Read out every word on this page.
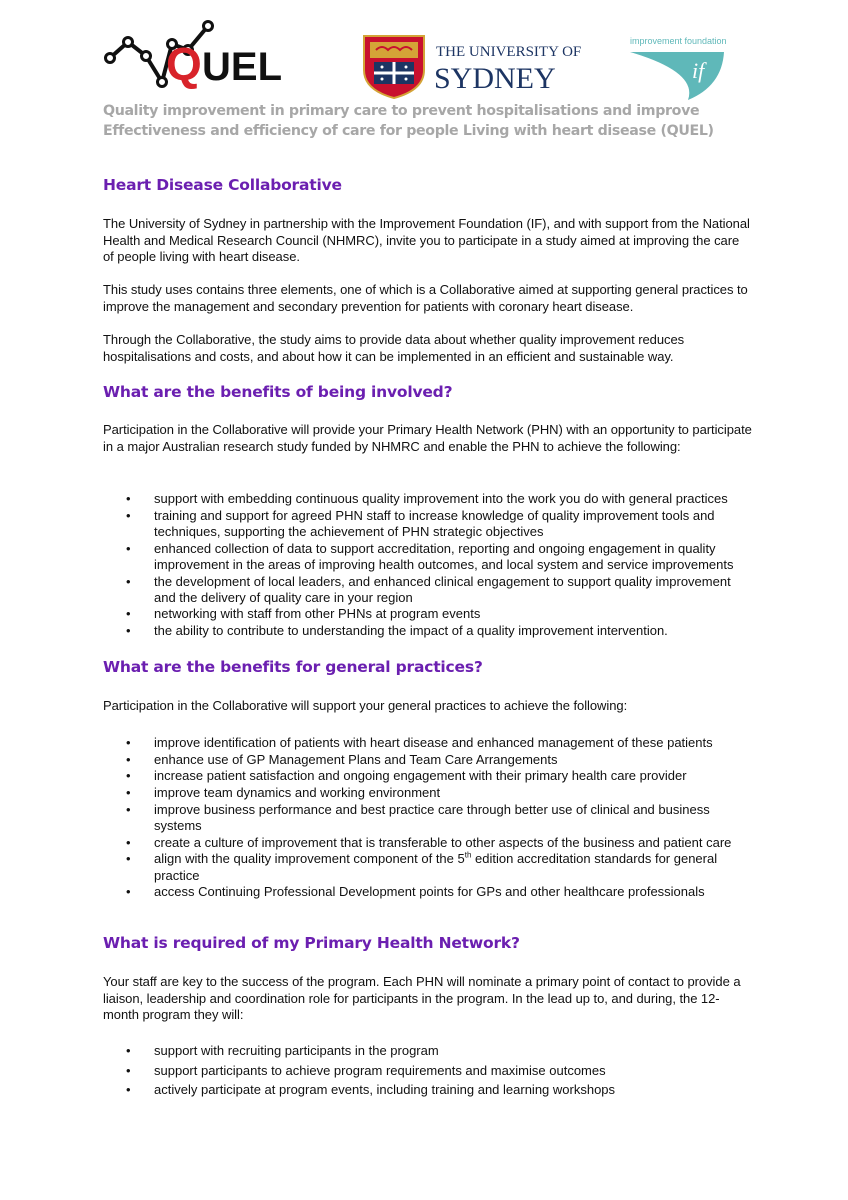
Q UEL	THE UNIVERSITY OF
SYDNEY
improvement foundation
if
Quality improvement in primary care to prevent hospitalisations and improve Effectiveness and efficiency of care for people Living with heart disease (QUEL)
Heart Disease Collaborative

The University of Sydney in partnership with the Improvement Foundation (IF), and with support from the National Health and Medical Research Council (NHMRC), invite you to participate in a study aimed at improving the care of people living with heart disease.

This study uses contains three elements, one of which is a Collaborative aimed at supporting general practices to improve the management and secondary prevention for patients with coronary heart disease.

Through the Collaborative, the study aims to provide data about whether quality improvement reduces hospitalisations and costs, and about how it can be implemented in an efficient and sustainable way.

What are the benefits of being involved?

Participation in the Collaborative will provide your Primary Health Network (PHN) with an opportunity to participate in a major Australian research study funded by NHMRC and enable the PHN to achieve the following:

• support with embedding continuous quality improvement into the work you do with general practices
• training and support for agreed PHN staff to increase knowledge of quality improvement tools and techniques, supporting the achievement of PHN strategic objectives
• enhanced collection of data to support accreditation, reporting and ongoing engagement in quality improvement in the areas of improving health outcomes, and local system and service improvements
• the development of local leaders, and enhanced clinical engagement to support quality improvement and the delivery of quality care in your region
• networking with staff from other PHNs at program events
• the ability to contribute to understanding the impact of a quality improvement intervention.
What are the benefits for general practices?

Participation in the Collaborative will support your general practices to achieve the following:

• improve identification of patients with heart disease and enhanced management of these patients
• enhance use of GP Management Plans and Team Care Arrangements
• increase patient satisfaction and ongoing engagement with their primary health care provider
• improve team dynamics and working environment
• improve business performance and best practice care through better use of clinical and business systems
• create a culture of improvement that is transferable to other aspects of the business and patient care
• align with the quality improvement component of the 5th edition accreditation standards for general practice
• access Continuing Professional Development points for GPs and other healthcare professionals
What is required of my Primary Health Network?

Your staff are key to the success of the program. Each PHN will nominate a primary point of contact to provide a liaison, leadership and coordination role for participants in the program. In the lead up to, and during, the 12-month program they will:

• support with recruiting participants in the program
• support participants to achieve program requirements and maximise outcomes
• actively participate at program events, including training and learning workshops
